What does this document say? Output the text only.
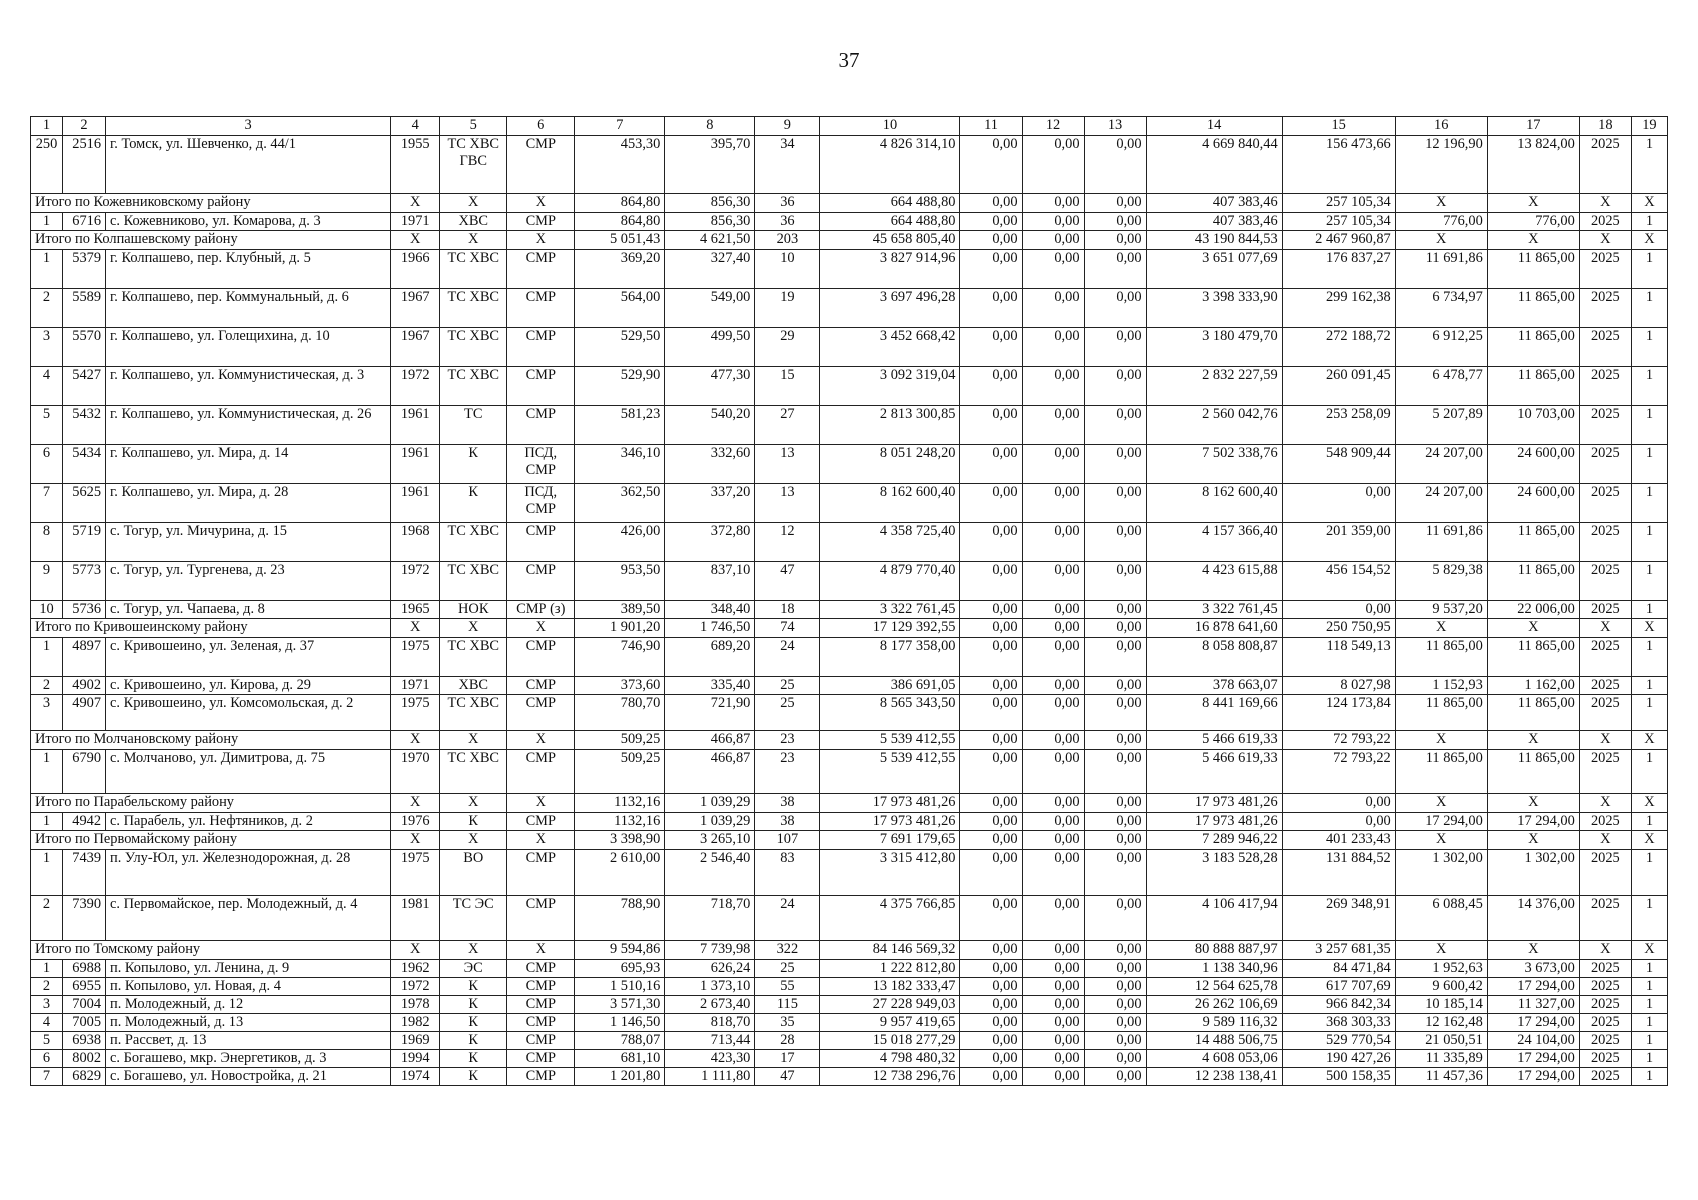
37
1	2	3	4	5	6	7	8	9	10	11	12	13	14	15	16	17	18	19
250	2516	г. Томск, ул. Шевченко, д. 44/1	1955	ТС ХВС ГВС	СМР	453,30	395,70	34	4 826 314,10	0,00	0,00	0,00	4 669 840,44	156 473,66	12 196,90	13 824,00	2025	1
Итого по Кожевниковскому району			X	X	X	864,80	856,30	36	664 488,80	0,00	0,00	0,00	407 383,46	257 105,34	X	X	X	X
1	6716	с. Кожевниково, ул. Комарова, д. 3	1971	ХВС	СМР	864,80	856,30	36	664 488,80	0,00	0,00	0,00	407 383,46	257 105,34	776,00	776,00	2025	1
Итого по Колпашевскому району			X	X	X	5 051,43	4 621,50	203	45 658 805,40	0,00	0,00	0,00	43 190 844,53	2 467 960,87	X	X	X	X
1	5379	г. Колпашево, пер. Клубный, д. 5	1966	ТС ХВС	СМР	369,20	327,40	10	3 827 914,96	0,00	0,00	0,00	3 651 077,69	176 837,27	11 691,86	11 865,00	2025	1
2	5589	г. Колпашево, пер. Коммунальный, д. 6	1967	ТС ХВС	СМР	564,00	549,00	19	3 697 496,28	0,00	0,00	0,00	3 398 333,90	299 162,38	6 734,97	11 865,00	2025	1
3	5570	г. Колпашево, ул. Голещихина, д. 10	1967	ТС ХВС	СМР	529,50	499,50	29	3 452 668,42	0,00	0,00	0,00	3 180 479,70	272 188,72	6 912,25	11 865,00	2025	1
4	5427	г. Колпашево, ул. Коммунистическая, д. 3	1972	ТС ХВС	СМР	529,90	477,30	15	3 092 319,04	0,00	0,00	0,00	2 832 227,59	260 091,45	6 478,77	11 865,00	2025	1
5	5432	г. Колпашево, ул. Коммунистическая, д. 26	1961	ТС	СМР	581,23	540,20	27	2 813 300,85	0,00	0,00	0,00	2 560 042,76	253 258,09	5 207,89	10 703,00	2025	1
6	5434	г. Колпашево, ул. Мира, д. 14	1961	К	ПСД, СМР	346,10	332,60	13	8 051 248,20	0,00	0,00	0,00	7 502 338,76	548 909,44	24 207,00	24 600,00	2025	1
7	5625	г. Колпашево, ул. Мира, д. 28	1961	К	ПСД, СМР	362,50	337,20	13	8 162 600,40	0,00	0,00	0,00	8 162 600,40	0,00	24 207,00	24 600,00	2025	1
8	5719	с. Тогур, ул. Мичурина, д. 15	1968	ТС ХВС	СМР	426,00	372,80	12	4 358 725,40	0,00	0,00	0,00	4 157 366,40	201 359,00	11 691,86	11 865,00	2025	1
9	5773	с. Тогур, ул. Тургенева, д. 23	1972	ТС ХВС	СМР	953,50	837,10	47	4 879 770,40	0,00	0,00	0,00	4 423 615,88	456 154,52	5 829,38	11 865,00	2025	1
10	5736	с. Тогур, ул. Чапаева, д. 8	1965	НОК	СМР (з)	389,50	348,40	18	3 322 761,45	0,00	0,00	0,00	3 322 761,45	0,00	9 537,20	22 006,00	2025	1
Итого по Кривошеинскому району			X	X	X	1 901,20	1 746,50	74	17 129 392,55	0,00	0,00	0,00	16 878 641,60	250 750,95	X	X	X	X
1	4897	с. Кривошеино, ул. Зеленая, д. 37	1975	ТС ХВС	СМР	746,90	689,20	24	8 177 358,00	0,00	0,00	0,00	8 058 808,87	118 549,13	11 865,00	11 865,00	2025	1
2	4902	с. Кривошеино, ул. Кирова, д. 29	1971	ХВС	СМР	373,60	335,40	25	386 691,05	0,00	0,00	0,00	378 663,07	8 027,98	1 152,93	1 162,00	2025	1
3	4907	с. Кривошеино, ул. Комсомольская, д. 2	1975	ТС ХВС	СМР	780,70	721,90	25	8 565 343,50	0,00	0,00	0,00	8 441 169,66	124 173,84	11 865,00	11 865,00	2025	1
Итого по Молчановскому району			X	X	X	509,25	466,87	23	5 539 412,55	0,00	0,00	0,00	5 466 619,33	72 793,22	X	X	X	X
1	6790	с. Молчаново, ул. Димитрова, д. 75	1970	ТС ХВС	СМР	509,25	466,87	23	5 539 412,55	0,00	0,00	0,00	5 466 619,33	72 793,22	11 865,00	11 865,00	2025	1
Итого по Парабельскому району			X	X	X	1132,16	1 039,29	38	17 973 481,26	0,00	0,00	0,00	17 973 481,26	0,00	X	X	X	X
1	4942	с. Парабель, ул. Нефтяников, д. 2	1976	К	СМР	1132,16	1 039,29	38	17 973 481,26	0,00	0,00	0,00	17 973 481,26	0,00	17 294,00	17 294,00	2025	1
Итого по Первомайскому району			X	X	X	3 398,90	3 265,10	107	7 691 179,65	0,00	0,00	0,00	7 289 946,22	401 233,43	X	X	X	X
1	7439	п. Улу-Юл, ул. Железнодорожная, д. 28	1975	ВО	СМР	2 610,00	2 546,40	83	3 315 412,80	0,00	0,00	0,00	3 183 528,28	131 884,52	1 302,00	1 302,00	2025	1
2	7390	с. Первомайское, пер. Молодежный, д. 4	1981	ТС ЭС	СМР	788,90	718,70	24	4 375 766,85	0,00	0,00	0,00	4 106 417,94	269 348,91	6 088,45	14 376,00	2025	1
Итого по Томскому району			X	X	X	9 594,86	7 739,98	322	84 146 569,32	0,00	0,00	0,00	80 888 887,97	3 257 681,35	X	X	X	X
1	6988	п. Копылово, ул. Ленина, д. 9	1962	ЭС	СМР	695,93	626,24	25	1 222 812,80	0,00	0,00	0,00	1 138 340,96	84 471,84	1 952,63	3 673,00	2025	1
2	6955	п. Копылово, ул. Новая, д. 4	1972	К	СМР	1 510,16	1 373,10	55	13 182 333,47	0,00	0,00	0,00	12 564 625,78	617 707,69	9 600,42	17 294,00	2025	1
3	7004	п. Молодежный, д. 12	1978	К	СМР	3 571,30	2 673,40	115	27 228 949,03	0,00	0,00	0,00	26 262 106,69	966 842,34	10 185,14	11 327,00	2025	1
4	7005	п. Молодежный, д. 13	1982	К	СМР	1 146,50	818,70	35	9 957 419,65	0,00	0,00	0,00	9 589 116,32	368 303,33	12 162,48	17 294,00	2025	1
5	6938	п. Рассвет, д. 13	1969	К	СМР	788,07	713,44	28	15 018 277,29	0,00	0,00	0,00	14 488 506,75	529 770,54	21 050,51	24 104,00	2025	1
6	8002	с. Богашево, мкр. Энергетиков, д. 3	1994	К	СМР	681,10	423,30	17	4 798 480,32	0,00	0,00	0,00	4 608 053,06	190 427,26	11 335,89	17 294,00	2025	1
7	6829	с. Богашево, ул. Новостройка, д. 21	1974	К	СМР	1 201,80	1 111,80	47	12 738 296,76	0,00	0,00	0,00	12 238 138,41	500 158,35	11 457,36	17 294,00	2025	1
